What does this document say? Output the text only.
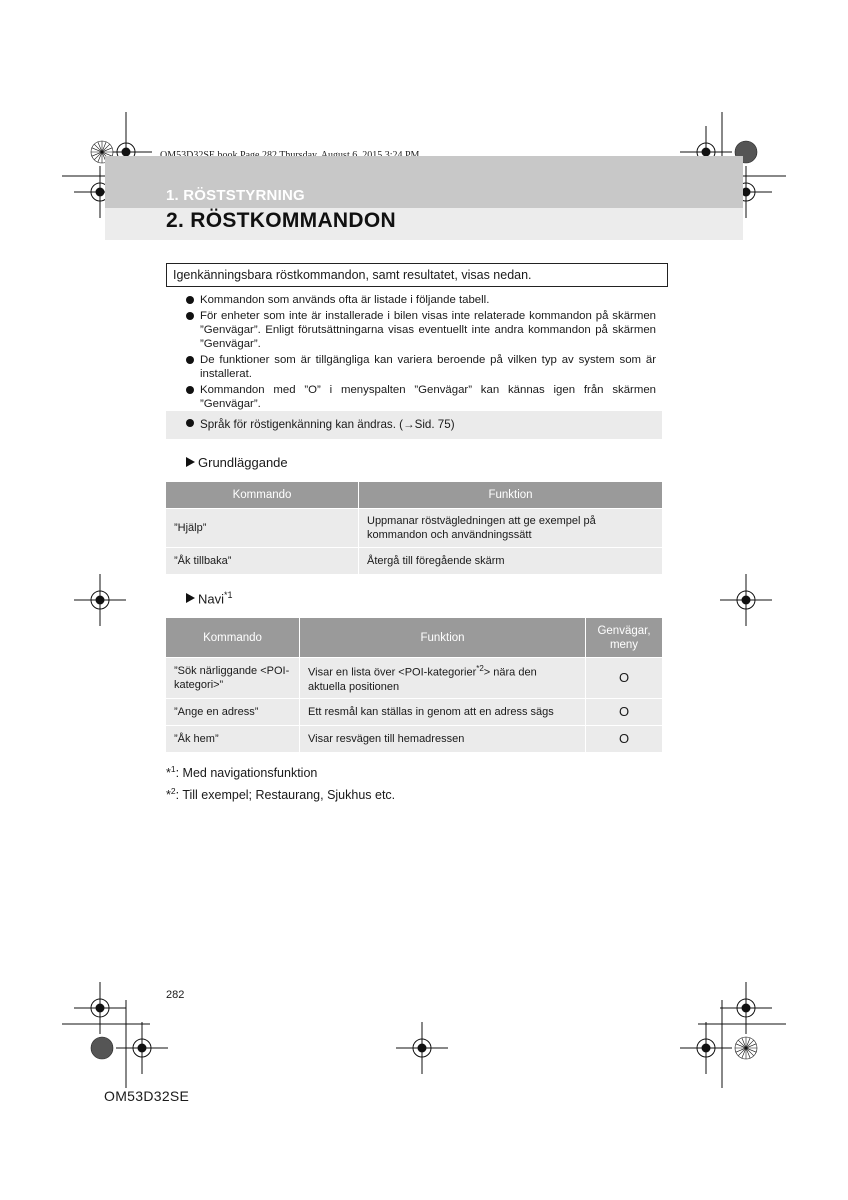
1. RÖSTSTYRNING
2. RÖSTKOMMANDON
Igenkänningsbara röstkommandon, samt resultatet, visas nedan.
Kommandon som används ofta är listade i följande tabell.
För enheter som inte är installerade i bilen visas inte relaterade kommandon på skärmen ”Genvägar”. Enligt förutsättningarna visas eventuellt inte andra kommandon på skärmen ”Genvägar”.
De funktioner som är tillgängliga kan variera beroende på vilken typ av system som är installerat.
Kommandon med ”O” i menyspalten ”Genvägar” kan kännas igen från skärmen ”Genvägar”.
Språk för röstigenkänning kan ändras. (→Sid. 75)
Grundläggande
Kommando	Funktion
”Hjälp”	Uppmanar röstvägledningen att ge exempel på kommandon och användningssätt
”Åk tillbaka”	Återgå till föregående skärm
Navi$^{*1}$
Kommando	Funktion	Genvägar, meny
”Sök närliggande <POI-kategori>”	Visar en lista över <POI-kategorier$^{*2}$> nära den aktuella positionen	O
”Ange en adress”	Ett resmål kan ställas in genom att en adress sägs	O
”Åk hem”	Visar resvägen till hemadressen	O
*$^1$: Med navigationsfunktion
*$^2$: Till exempel; Restaurang, Sjukhus etc.
282
OM53D32SE
